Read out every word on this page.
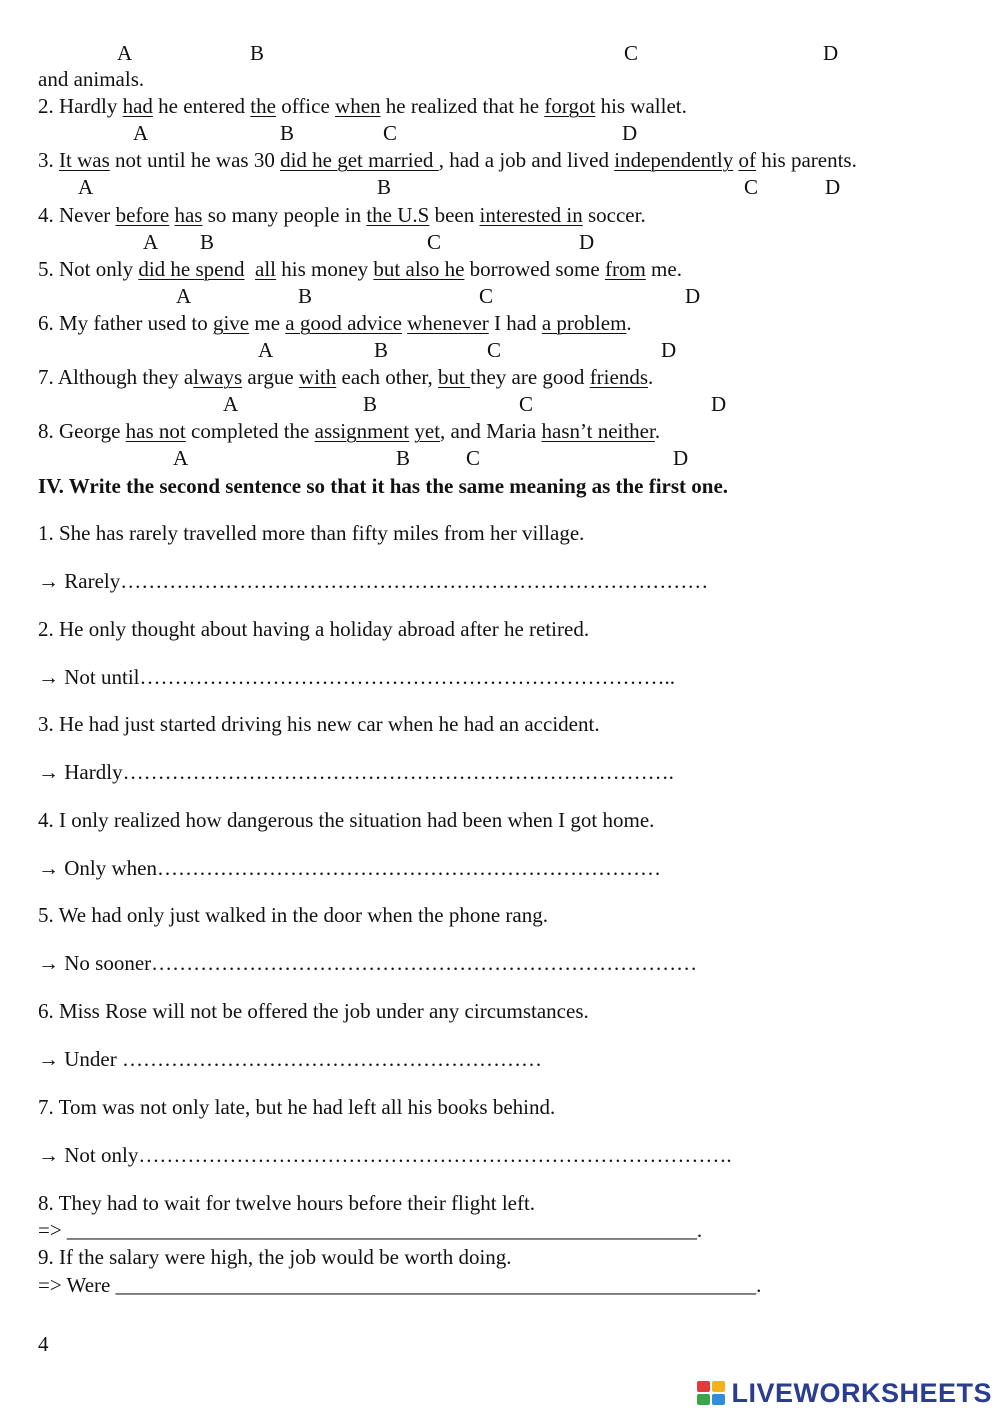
A	B	C	D

and animals.

2. Hardly had he entered the office when he realized that he forgot his wallet.

A	B	C	D

3. It was not until he was 30 did he get married , had a job and lived independently of his parents.

A	B	C	D

4. Never before has so many people in the U.S been interested in soccer.

A B	C	D

5. Not only did he spend all his money but also he borrowed some from me.

A	B	C	D

6. My father used to give me a good advice whenever I had a problem.

A	B	C	D

7. Although they always argue with each other, but they are good friends.

A	B	C	D

8. George has not completed the assignment yet, and Maria hasn’t neither.

A	B	C	D

IV. Write the second sentence so that it has the same meaning as the first one.

1. She has rarely travelled more than fifty miles from her village.

→ Rarely…………………………………………………………………………

2. He only thought about having a holiday abroad after he retired.

→ Not until…………………………………………………………………..

3. He had just started driving his new car when he had an accident.

→ Hardly…………………………………………………………………….

4. I only realized how dangerous the situation had been when I got home.

→ Only when………………………………………………………………

5. We had only just walked in the door when the phone rang.

→ No sooner……………………………………………………………………

6. Miss Rose will not be offered the job under any circumstances.

→ Under ……………………………………………………

7. Tom was not only late, but he had left all his books behind.

→ Not only………………………………………………………………………….

8. They had to wait for twelve hours before their flight left.

=> ____________________________________________________________.

9. If the salary were high, the job would be worth doing.

=> Were _____________________________________________________________.

4
LIVEWORKSHEETS
